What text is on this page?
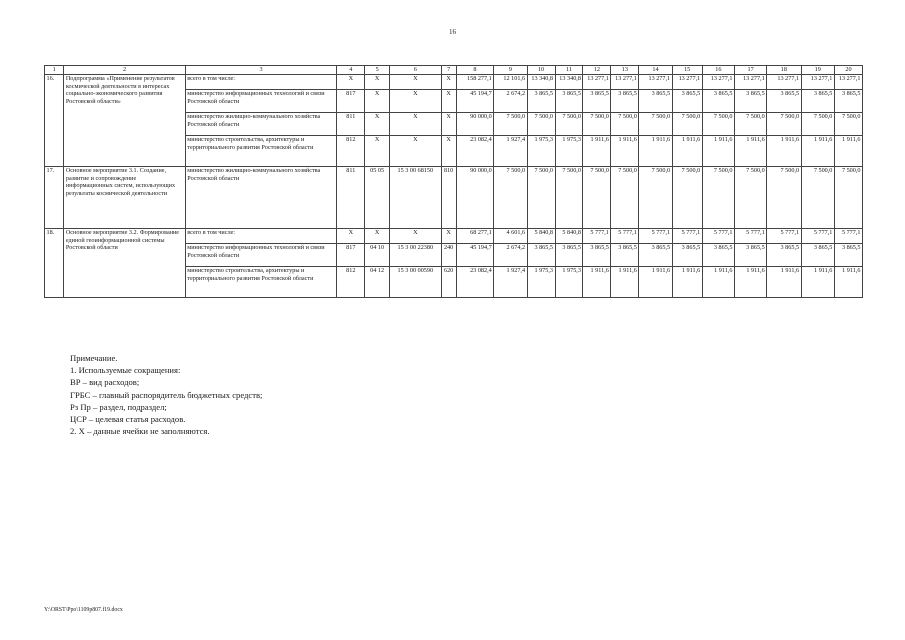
16
1	2	3	4	5	6	7	8	9	10	11	12	13	14	15	16	17	18	19	20
16.	Подпрограмма «Применение результатов космической деятельности в интересах социально-экономического развития Ростовской области»	всего в том числе:	Х	Х	Х	Х	158 277,1	12 101,6	13 340,8	13 340,8	13 277,1	13 277,1	13 277,1	13 277,1	13 277,1	13 277,1	13 277,1	13 277,1	13 277,1
		министерство информационных технологий и связи Ростовской области	817	Х	Х	Х	45 194,7	2 674,2	3 865,5	3 865,5	3 865,5	3 865,5	3 865,5	3 865,5	3 865,5	3 865,5	3 865,5	3 865,5	3 865,5
		министерство жилищно-коммунального хозяйства Ростовской области	811	Х	Х	Х	90 000,0	7 500,0	7 500,0	7 500,0	7 500,0	7 500,0	7 500,0	7 500,0	7 500,0	7 500,0	7 500,0	7 500,0	7 500,0
		министерство строительства, архитектуры и территориального развития Ростовской области	812	Х	Х	Х	23 082,4	1 927,4	1 975,3	1 975,3	1 911,6	1 911,6	1 911,6	1 911,6	1 911,6	1 911,6	1 911,6	1 911,6	1 911,6
17.	Основное мероприятие 3.1. Создание, развитие и сопровождение информационных систем, использующих результаты космической деятельности	министерство жилищно-коммунального хозяйства Ростовской области	811	05 05	15 3 00 68150	810	90 000,0	7 500,0	7 500,0	7 500,0	7 500,0	7 500,0	7 500,0	7 500,0	7 500,0	7 500,0	7 500,0	7 500,0	7 500,0
18.	Основное мероприятие 3.2. Формирование единой геоинформационной системы Ростовской области	всего в том числе:	Х	Х	Х	Х	68 277,1	4 601,6	5 840,8	5 840,8	5 777,1	5 777,1	5 777,1	5 777,1	5 777,1	5 777,1	5 777,1	5 777,1	5 777,1
		министерство информационных технологий и связи Ростовской области	817	04 10	15 3 00 22380	240	45 194,7	2 674,2	3 865,5	3 865,5	3 865,5	3 865,5	3 865,5	3 865,5	3 865,5	3 865,5	3 865,5	3 865,5	3 865,5
		министерство строительства, архитектуры и территориального развития Ростовской области	812	04 12	15 3 00 00590	620	23 082,4	1 927,4	1 975,3	1 975,3	1 911,6	1 911,6	1 911,6	1 911,6	1 911,6	1 911,6	1 911,6	1 911,6	1 911,6
Примечание.
1. Используемые сокращения:
ВР – вид расходов;
ГРБС – главный распорядитель бюджетных средств;
Рз Пр – раздел, подраздел;
ЦСР – целевая статья расходов.
2. Х – данные ячейки не заполняются.
Y:\ORST\Ppo\1109p807.f19.docx
